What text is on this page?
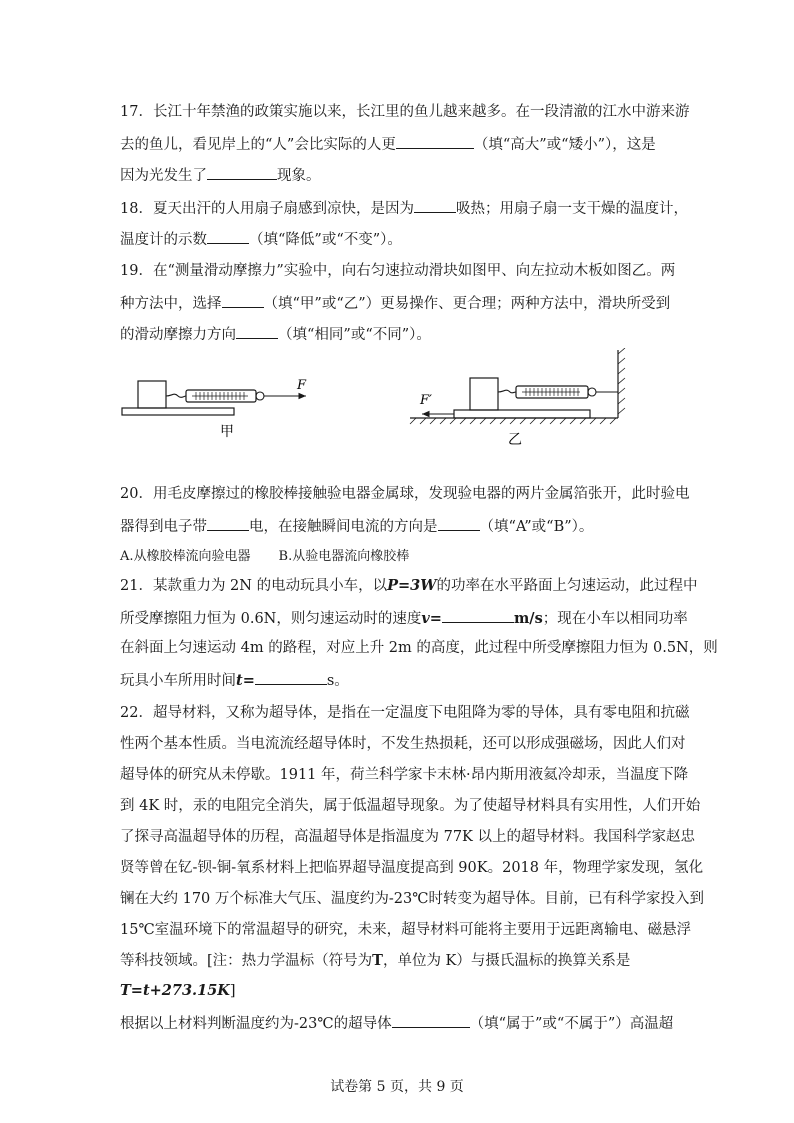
17．长江十年禁渔的政策实施以来，长江里的鱼儿越来越多。在一段清澈的江水中游来游
去的鱼儿，看见岸上的“人”会比实际的人更	（填“高大”或“矮小”），这是
因为光发生了	现象。
18．夏天出汗的人用扇子扇感到凉快，是因为	吸热；用扇子扇一支干燥的温度计，
温度计的示数	（填“降低”或“不变”）。
19．在“测量滑动摩擦力”实验中，向右匀速拉动滑块如图甲、向左拉动木板如图乙。两
种方法中，选择	（填“甲”或“乙”）更易操作、更合理；两种方法中，滑块所受到
的滑动摩擦力方向	（填“相同”或“不同”）。
20．用毛皮摩擦过的橡胶棒接触验电器金属球，发现验电器的两片金属箔张开，此时验电
器得到电子带	电，在接触瞬间电流的方向是	（填“A”或“B”）。
A.从橡胶棒流向验电器 B.从验电器流向橡胶棒
21．某款重力为 2N 的电动玩具小车，以P=3W的功率在水平路面上匀速运动，此过程中
所受摩擦阻力恒为 0.6N，则匀速运动时的速度v=	m/s；现在小车以相同功率
在斜面上匀速运动 4m 的路程，对应上升 2m 的高度，此过程中所受摩擦阻力恒为 0.5N，则
玩具小车所用时间t=	s。
22．超导材料，又称为超导体，是指在一定温度下电阻降为零的导体，具有零电阻和抗磁
性两个基本性质。当电流流经超导体时，不发生热损耗，还可以形成强磁场，因此人们对
超导体的研究从未停歇。1911 年，荷兰科学家卡末林·昂内斯用液氦冷却汞，当温度下降
到 4K 时，汞的电阻完全消失，属于低温超导现象。为了使超导材料具有实用性，人们开始
了探寻高温超导体的历程，高温超导体是指温度为 77K 以上的超导材料。我国科学家赵忠
贤等曾在钇-钡-铜-氧系材料上把临界超导温度提高到 90K。2018 年，物理学家发现，氢化
镧在大约 170 万个标准大气压、温度约为-23℃时转变为超导体。目前，已有科学家投入到
15℃室温环境下的常温超导的研究，未来，超导材料可能将主要用于远距离输电、磁悬浮
等科技领域。[注：热力学温标（符号为T，单位为 K）与摄氏温标的换算关系是
T=t+273.15K]
根据以上材料判断温度约为-23℃的超导体	（填“属于”或“不属于”）高温超
F
甲
F′
乙
试卷第 5 页，共 9 页
